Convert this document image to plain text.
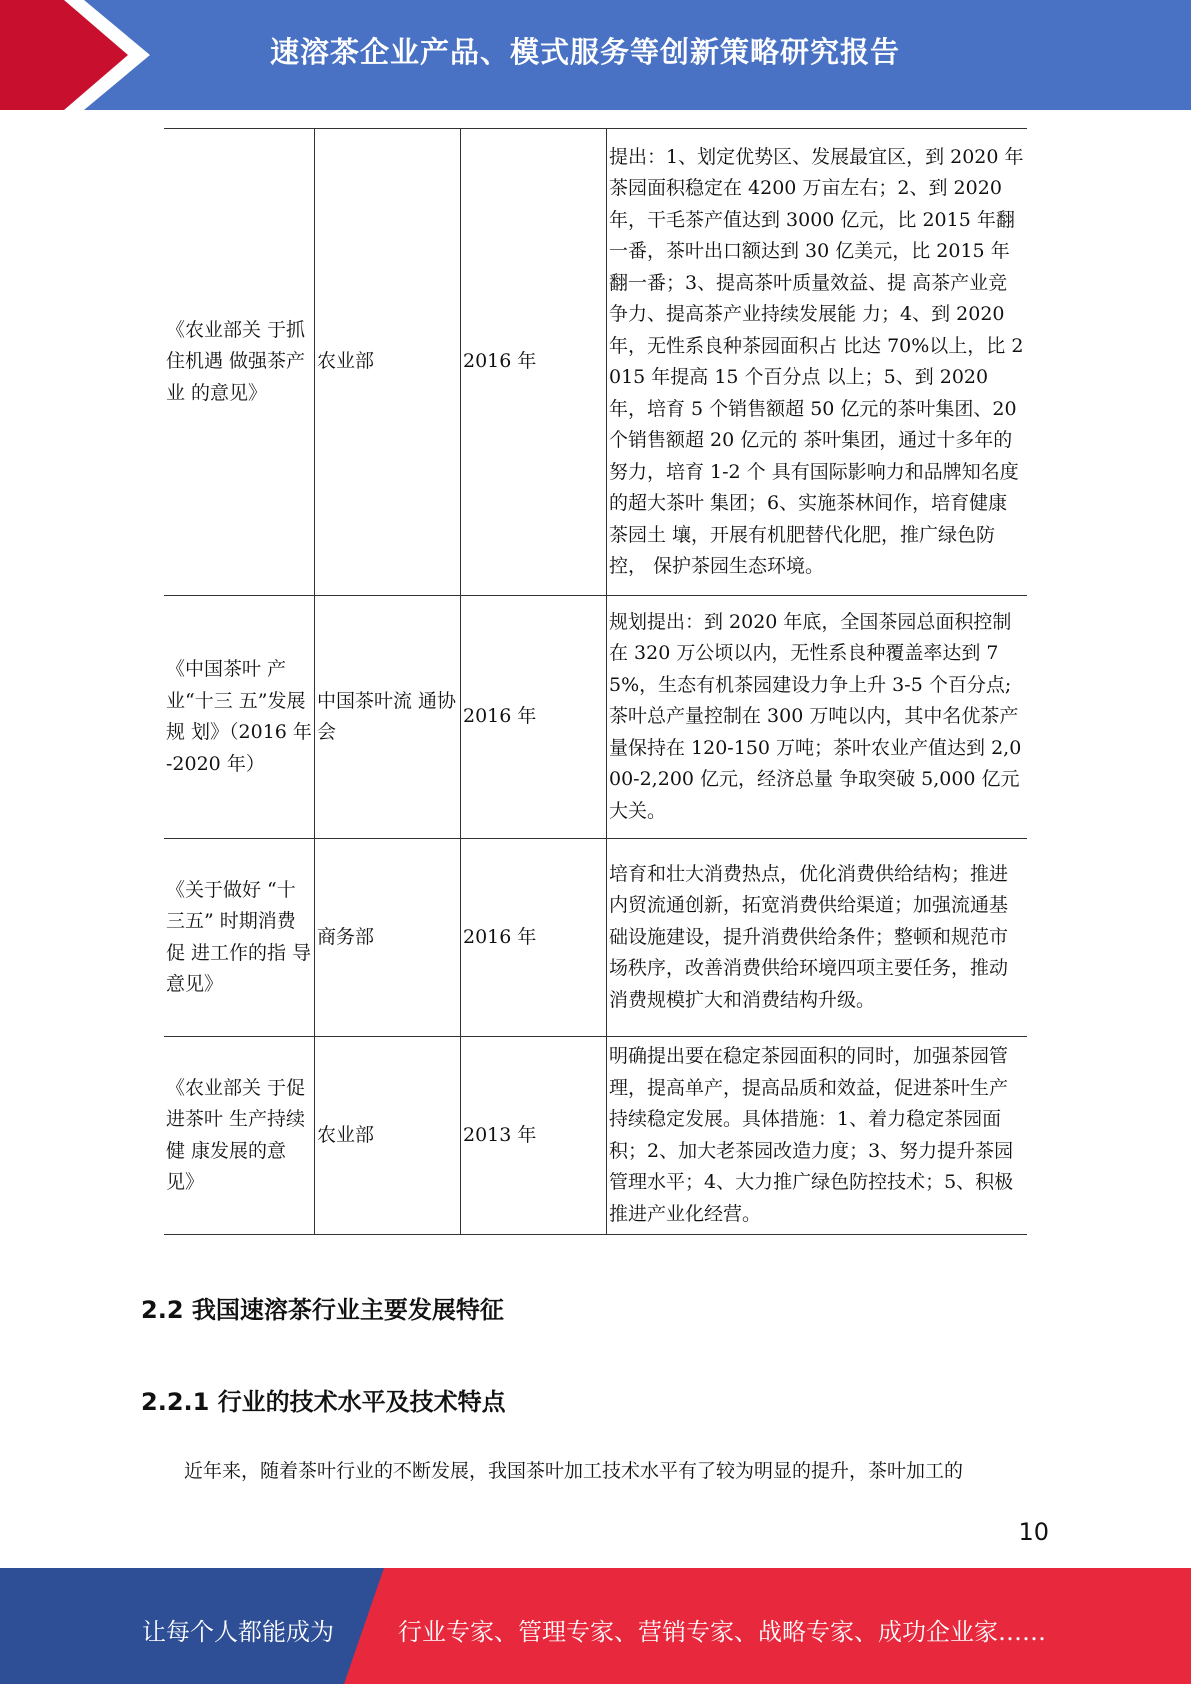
速溶茶企业产品、模式服务等创新策略研究报告
《农业部关 于抓住机遇 做强茶产业 的意见》	农业部	2016 年	提出：1、划定优势区、发展最宜区，到 2020 年茶园面积稳定在 4200 万亩左右；2、到 2020 年，干毛茶产值达到 3000 亿元，比 2015 年翻一番，茶叶出口额达到 30 亿美元，比 2015 年翻一番；3、提高茶叶质量效益、提 高茶产业竞争力、提高茶产业持续发展能 力；4、到 2020 年，无性系良种茶园面积占 比达 70%以上，比 2015 年提高 15 个百分点 以上；5、到 2020 年，培育 5 个销售额超 50 亿元的茶叶集团、20 个销售额超 20 亿元的 茶叶集团，通过十多年的努力，培育 1-2 个 具有国际影响力和品牌知名度的超大茶叶 集团；6、实施茶林间作，培育健康茶园土 壤，开展有机肥替代化肥，推广绿色防控， 保护茶园生态环境。
《中国茶叶 产业“十三 五”发展规 划》（2016 年 -2020 年）	中国茶叶流 通协会	2016 年	规划提出：到 2020 年底，全国茶园总面积控制在 320 万公顷以内，无性系良种覆盖率达到 75%，生态有机茶园建设力争上升 3-5 个百分点;茶叶总产量控制在 300 万吨以内，其中名优茶产量保持在 120-150 万吨；茶叶农业产值达到 2,000-2,200 亿元，经济总量 争取突破 5,000 亿元大关。
《关于做好 “十三五” 时期消费促 进工作的指 导意见》	商务部	2016 年	培育和壮大消费热点，优化消费供给结构；推进内贸流通创新，拓宽消费供给渠道；加强流通基础设施建设，提升消费供给条件；整顿和规范市场秩序，改善消费供给环境四项主要任务，推动消费规模扩大和消费结构升级。
《农业部关 于促进茶叶 生产持续健 康发展的意 见》	农业部	2013 年	明确提出要在稳定茶园面积的同时，加强茶园管理，提高单产，提高品质和效益，促进茶叶生产持续稳定发展。具体措施：1、着力稳定茶园面积；2、加大老茶园改造力度；3、努力提升茶园管理水平；4、大力推广绿色防控技术；5、积极推进产业化经营。
2.2 我国速溶茶行业主要发展特征
2.2.1 行业的技术水平及技术特点
近年来，随着茶叶行业的不断发展，我国茶叶加工技术水平有了较为明显的提升，茶叶加工的
10
让每个人都能成为	行业专家、管理专家、营销专家、战略专家、成功企业家……
